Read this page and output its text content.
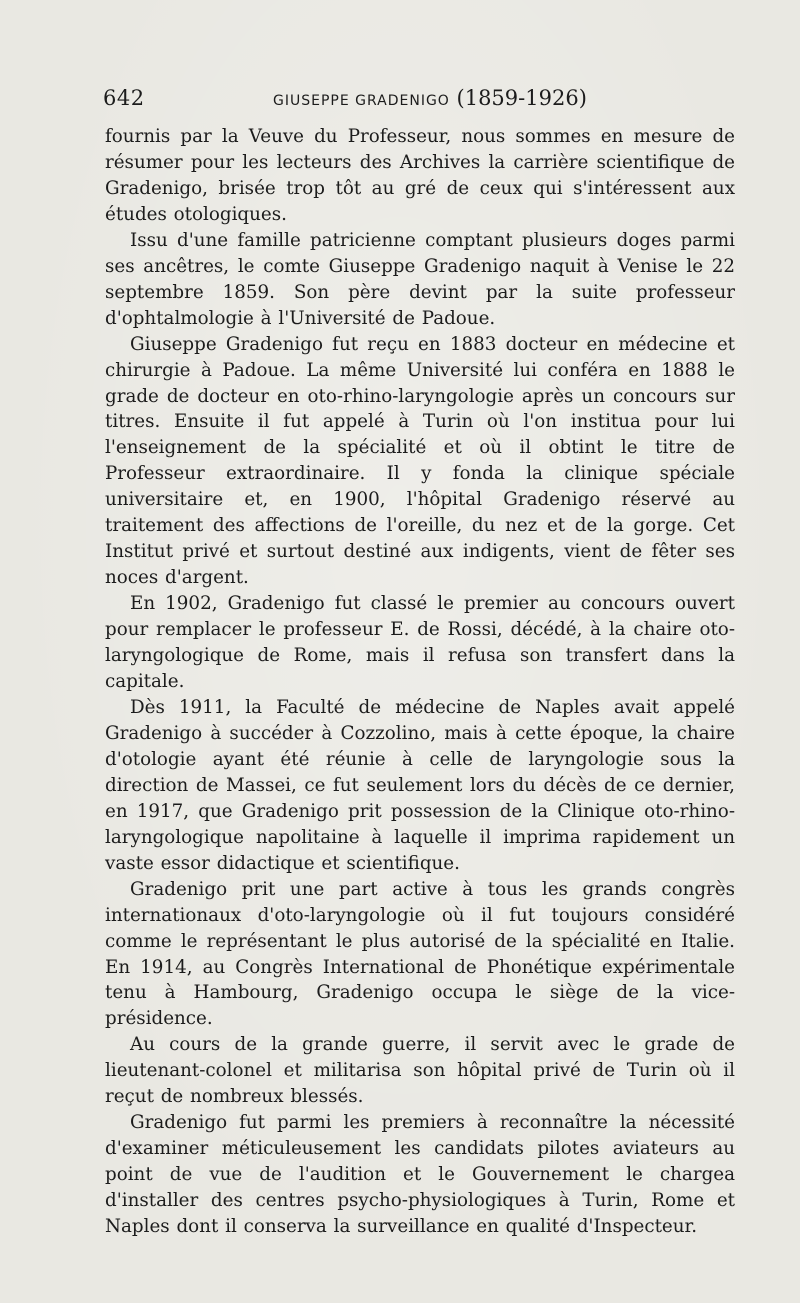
642	GIUSEPPE GRADENIGO (1859-1926)

fournis par la Veuve du Professeur, nous sommes en mesure de résumer pour les lecteurs des Archives la carrière scientifique de Gradenigo, brisée trop tôt au gré de ceux qui s'intéressent aux études otologiques.

Issu d'une famille patricienne comptant plusieurs doges parmi ses ancêtres, le comte Giuseppe Gradenigo naquit à Venise le 22 septembre 1859. Son père devint par la suite professeur d'ophtalmologie à l'Université de Padoue.

Giuseppe Gradenigo fut reçu en 1883 docteur en médecine et chirurgie à Padoue. La même Université lui conféra en 1888 le grade de docteur en oto-rhino-laryngologie après un concours sur titres. Ensuite il fut appelé à Turin où l'on institua pour lui l'enseignement de la spécialité et où il obtint le titre de Professeur extraordinaire. Il y fonda la clinique spéciale universitaire et, en 1900, l'hôpital Gradenigo réservé au traitement des affections de l'oreille, du nez et de la gorge. Cet Institut privé et surtout destiné aux indigents, vient de fêter ses noces d'argent.

En 1902, Gradenigo fut classé le premier au concours ouvert pour remplacer le professeur E. de Rossi, décédé, à la chaire oto-laryngologique de Rome, mais il refusa son transfert dans la capitale.

Dès 1911, la Faculté de médecine de Naples avait appelé Gradenigo à succéder à Cozzolino, mais à cette époque, la chaire d'otologie ayant été réunie à celle de laryngologie sous la direction de Massei, ce fut seulement lors du décès de ce dernier, en 1917, que Gradenigo prit possession de la Clinique oto-rhino-laryngologique napolitaine à laquelle il imprima rapidement un vaste essor didactique et scientifique.

Gradenigo prit une part active à tous les grands congrès internationaux d'oto-laryngologie où il fut toujours considéré comme le représentant le plus autorisé de la spécialité en Italie. En 1914, au Congrès International de Phonétique expérimentale tenu à Hambourg, Gradenigo occupa le siège de la vice-présidence.

Au cours de la grande guerre, il servit avec le grade de lieutenant-colonel et militarisa son hôpital privé de Turin où il reçut de nombreux blessés.

Gradenigo fut parmi les premiers à reconnaître la nécessité d'examiner méticuleusement les candidats pilotes aviateurs au point de vue de l'audition et le Gouvernement le chargea d'installer des centres psycho-physiologiques à Turin, Rome et Naples dont il conserva la surveillance en qualité d'Inspecteur.
